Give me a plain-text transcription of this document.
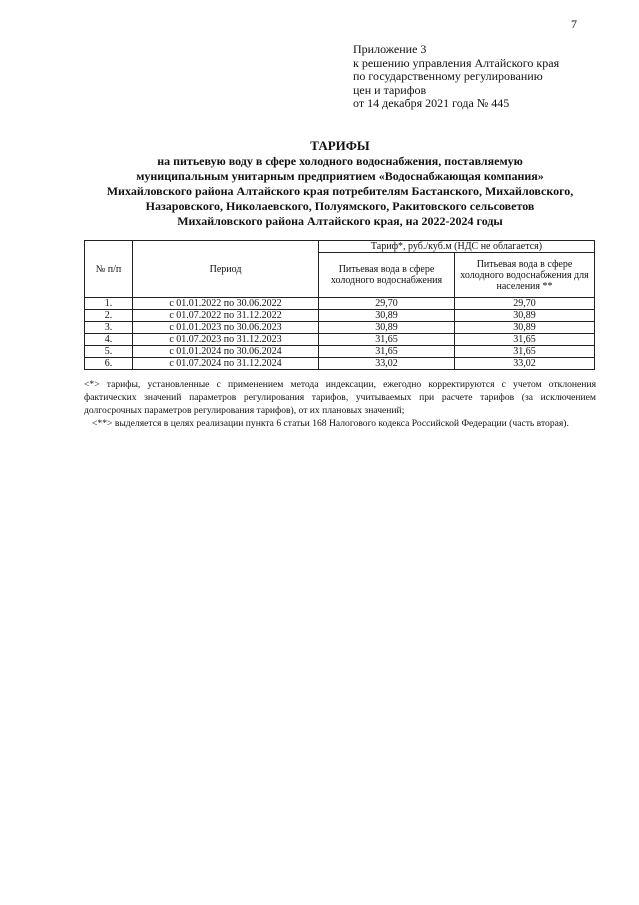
7
Приложение 3
к решению управления Алтайского края
по государственному регулированию
цен и тарифов
от 14 декабря 2021 года № 445
ТАРИФЫ
на питьевую воду в сфере холодного водоснабжения, поставляемую
муниципальным унитарным предприятием «Водоснабжающая компания»
Михайловского района Алтайского края потребителям Бастанского, Михайловского,
Назаровского, Николаевского, Полуямского, Ракитовского сельсоветов
Михайловского района Алтайского края, на 2022-2024 годы
№ п/п	Период	Тариф*, руб./куб.м (НДС не облагается)	
		Питьевая вода в сфере холодного водоснабжения	Питьевая вода в сфере холодного водоснабжения для населения **
1.	с 01.01.2022 по 30.06.2022	29,70	29,70
2.	с 01.07.2022 по 31.12.2022	30,89	30,89
3.	с 01.01.2023 по 30.06.2023	30,89	30,89
4.	с 01.07.2023 по 31.12.2023	31,65	31,65
5.	с 01.01.2024 по 30.06.2024	31,65	31,65
6.	с 01.07.2024 по 31.12.2024	33,02	33,02

<*> тарифы, установленные с применением метода индексации, ежегодно корректируются с учетом отклонения фактических значений параметров регулирования тарифов, учитываемых при расчете тарифов (за исключением долгосрочных параметров регулирования тарифов), от их плановых значений;

<**> выделяется в целях реализации пункта 6 статьи 168 Налогового кодекса Российской Федерации (часть вторая).
